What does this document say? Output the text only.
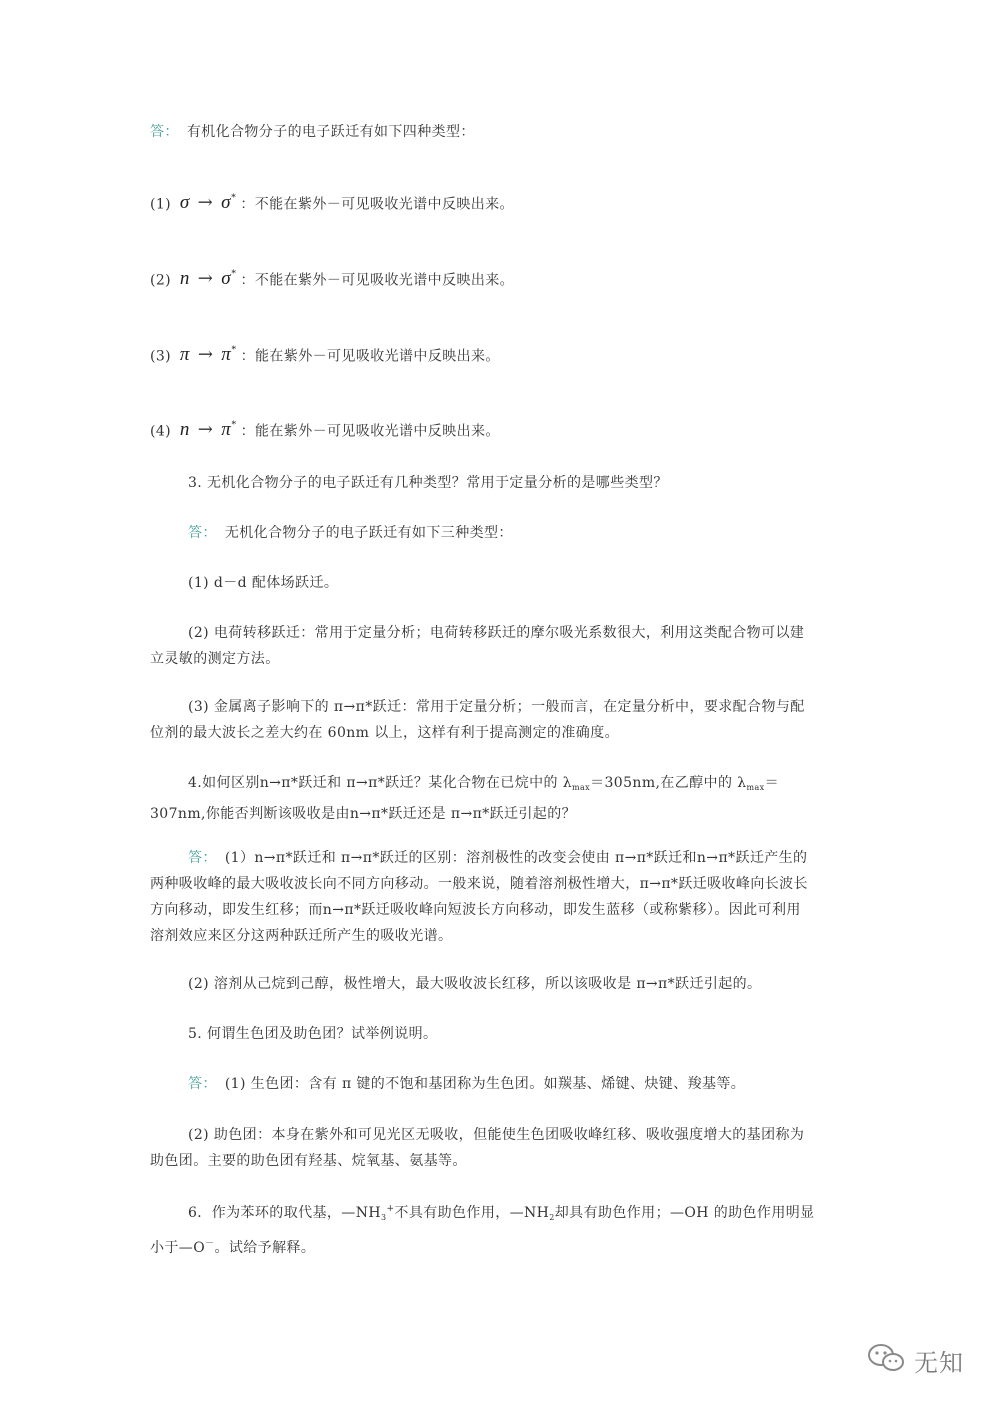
答： 有机化合物分子的电子跃迁有如下四种类型：
(1) σ → σ* ：不能在紫外－可见吸收光谱中反映出来。
(2) n → σ* ：不能在紫外－可见吸收光谱中反映出来。
(3) π → π* ：能在紫外－可见吸收光谱中反映出来。
(4) n → π* ：能在紫外－可见吸收光谱中反映出来。
3. 无机化合物分子的电子跃迁有几种类型？常用于定量分析的是哪些类型？
答： 无机化合物分子的电子跃迁有如下三种类型：
(1) d－d 配体场跃迁。
(2) 电荷转移跃迁：常用于定量分析；电荷转移跃迁的摩尔吸光系数很大，利用这类配合物可以建立灵敏的测定方法。
(3) 金属离子影响下的 π→π*跃迁：常用于定量分析；一般而言，在定量分析中，要求配合物与配位剂的最大波长之差大约在 60nm 以上，这样有利于提高测定的准确度。
4.如何区别n→π*跃迁和 π→π*跃迁？某化合物在已烷中的 $\lambda_{max}=305nm$,在乙醇中的 $\lambda_{max}=307nm$,你能否判断该吸收是由n→π*跃迁还是 π→π*跃迁引起的？
答： (1）n→π*跃迁和 π→π*跃迁的区别：溶剂极性的改变会使由 π→π*跃迁和n→π*跃迁产生的两种吸收峰的最大吸收波长向不同方向移动。一般来说，随着溶剂极性增大，π→π*跃迁吸收峰向长波长方向移动，即发生红移；而n→π*跃迁吸收峰向短波长方向移动，即发生蓝移（或称紫移）。因此可利用溶剂效应来区分这两种跃迁所产生的吸收光谱。
(2) 溶剂从己烷到己醇，极性增大，最大吸收波长红移，所以该吸收是 π→π*跃迁引起的。
5. 何谓生色团及助色团？试举例说明。
答： (1) 生色团：含有 π 键的不饱和基团称为生色团。如羰基、烯键、炔键、羧基等。
(2) 助色团：本身在紫外和可见光区无吸收，但能使生色团吸收峰红移、吸收强度增大的基团称为助色团。主要的助色团有羟基、烷氧基、氨基等。
6．作为苯环的取代基，$—NH_3^+$不具有助色作用，$—NH_2$却具有助色作用；—OH 的助色作用明显小于—O－。试给予解释。
无知
